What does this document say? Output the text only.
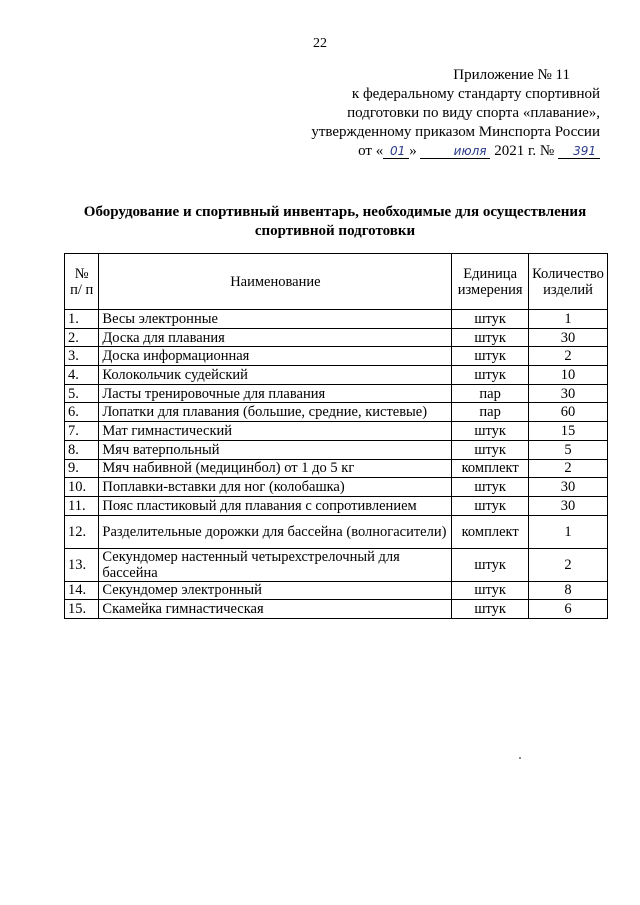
22
Приложение № 11
к федеральному стандарту спортивной
подготовки по виду спорта «плавание»,
утвержденному приказом Минспорта России
от « 01 »	июля 2021 г. № 391
Оборудование и спортивный инвентарь, необходимые для осуществления спортивной подготовки
№ п/ п	Наименование	Единица измерения	Количество изделий
1.	Весы электронные	штук	1
2.	Доска для плавания	штук	30
3.	Доска информационная	штук	2
4.	Колокольчик судейский	штук	10
5.	Ласты тренировочные для плавания	пар	30
6.	Лопатки для плавания (большие, средние, кистевые)	пар	60
7.	Мат гимнастический	штук	15
8.	Мяч ватерпольный	штук	5
9.	Мяч набивной (медицинбол) от 1 до 5 кг	комплект	2
10.	Поплавки-вставки для ног (колобашка)	штук	30
11.	Пояс пластиковый для плавания с сопротивлением	штук	30
12.	Разделительные дорожки для бассейна (волногасители)	комплект	1
13.	Секундомер настенный четырехстрелочный для бассейна	штук	2
14.	Секундомер электронный	штук	8
15.	Скамейка гимнастическая	штук	6
